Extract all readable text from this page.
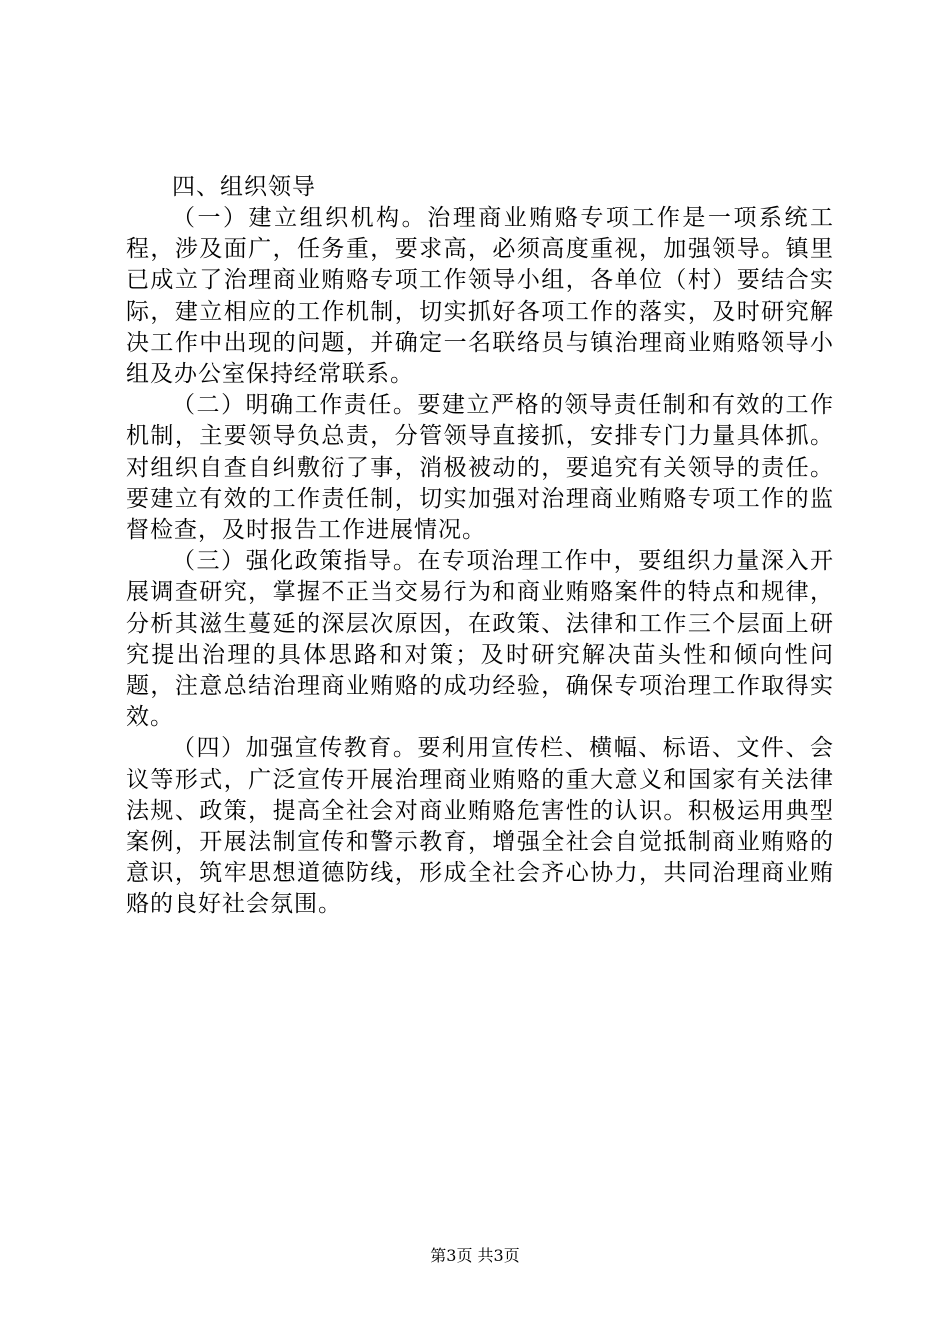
四、组织领导

（一）建立组织机构。治理商业贿赂专项工作是一项系统工程，涉及面广，任务重，要求高，必须高度重视，加强领导。镇里已成立了治理商业贿赂专项工作领导小组，各单位（村）要结合实际，建立相应的工作机制，切实抓好各项工作的落实，及时研究解决工作中出现的问题，并确定一名联络员与镇治理商业贿赂领导小组及办公室保持经常联系。

（二）明确工作责任。要建立严格的领导责任制和有效的工作机制，主要领导负总责，分管领导直接抓，安排专门力量具体抓。对组织自查自纠敷衍了事，消极被动的，要追究有关领导的责任。要建立有效的工作责任制，切实加强对治理商业贿赂专项工作的监督检查，及时报告工作进展情况。

（三）强化政策指导。在专项治理工作中，要组织力量深入开展调查研究，掌握不正当交易行为和商业贿赂案件的特点和规律，分析其滋生蔓延的深层次原因，在政策、法律和工作三个层面上研究提出治理的具体思路和对策；及时研究解决苗头性和倾向性问题，注意总结治理商业贿赂的成功经验，确保专项治理工作取得实效。

（四）加强宣传教育。要利用宣传栏、横幅、标语、文件、会议等形式，广泛宣传开展治理商业贿赂的重大意义和国家有关法律法规、政策，提高全社会对商业贿赂危害性的认识。积极运用典型案例，开展法制宣传和警示教育，增强全社会自觉抵制商业贿赂的意识，筑牢思想道德防线，形成全社会齐心协力，共同治理商业贿赂的良好社会氛围。

第3页 共3页
